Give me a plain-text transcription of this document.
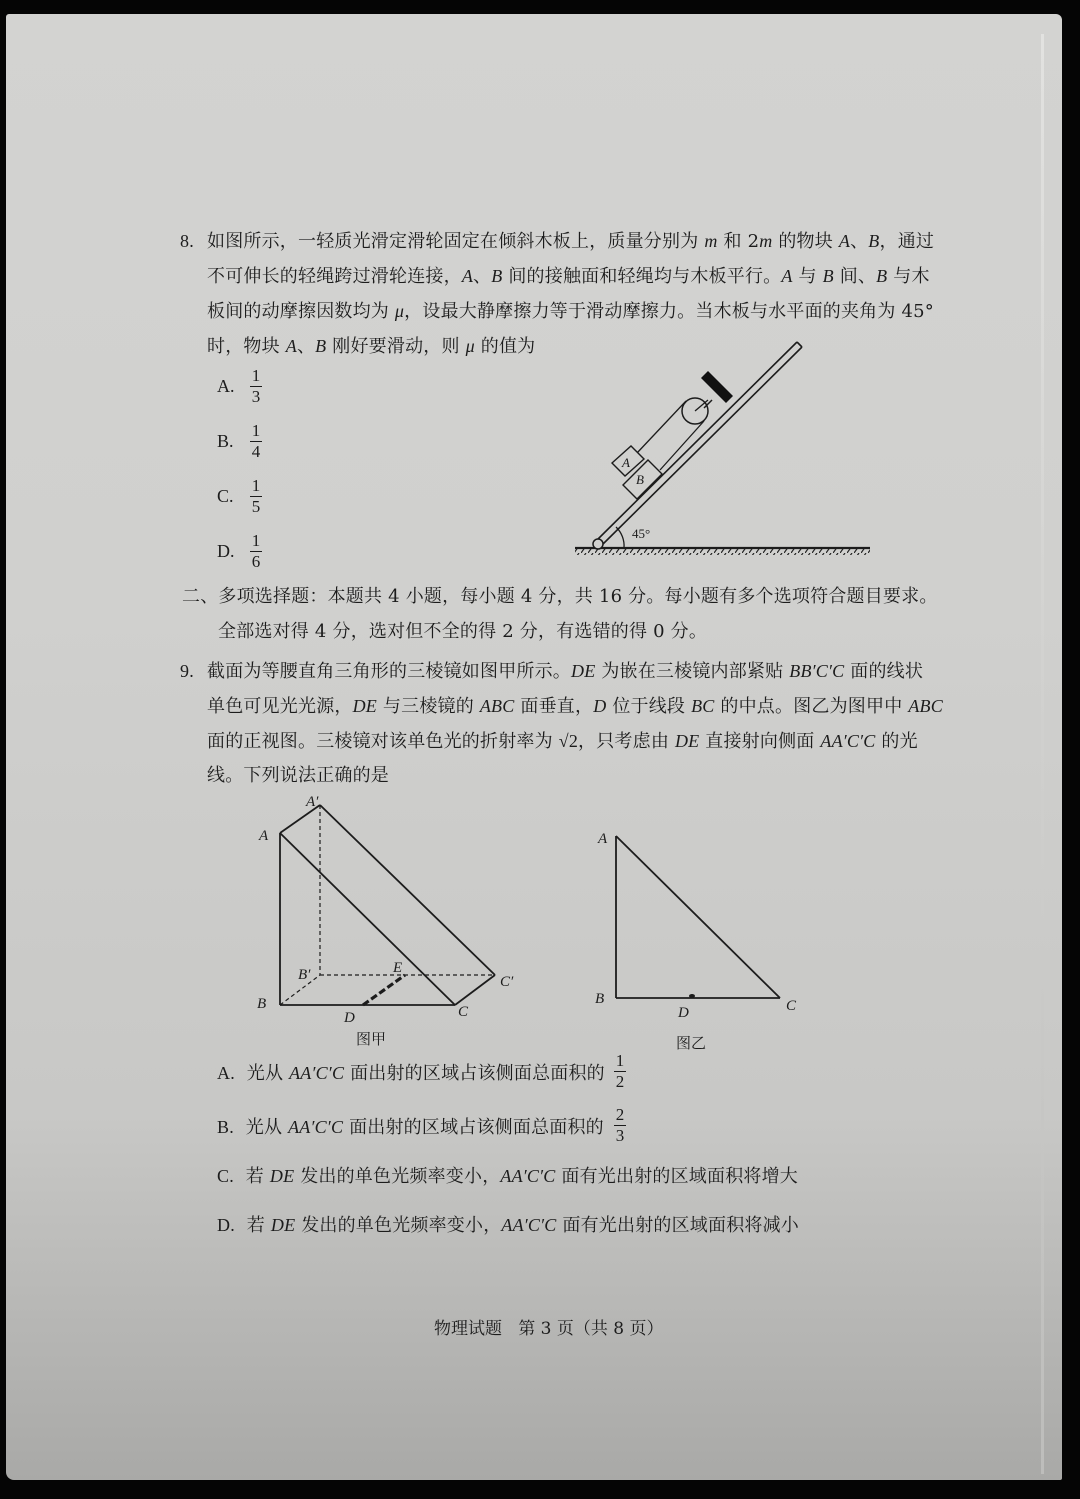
8. 如图所示，一轻质光滑定滑轮固定在倾斜木板上，质量分别为 m 和 2m 的物块 A、B，通过
不可伸长的轻绳跨过滑轮连接，A、B 间的接触面和轻绳均与木板平行。A 与 B 间、B 与木
板间的动摩擦因数均为 μ，设最大静摩擦力等于滑动摩擦力。当木板与水平面的夹角为 45°
时，物块 A、B 刚好要滑动，则 μ 的值为
A.
1
3
B.
1
4
C.
1
5
D.
1
6
A
B
45°
二、多项选择题：本题共 4 小题，每小题 4 分，共 16 分。每小题有多个选项符合题目要求。
全部选对得 4 分，选对但不全的得 2 分，有选错的得 0 分。
9. 截面为等腰直角三角形的三棱镜如图甲所示。DE 为嵌在三棱镜内部紧贴 BB′C′C 面的线状
单色可见光光源，DE 与三棱镜的 ABC 面垂直，D 位于线段 BC 的中点。图乙为图甲中 ABC
面的正视图。三棱镜对该单色光的折射率为 √2，只考虑由 DE 直接射向侧面 AA′C′C 的光
线。下列说法正确的是
A
A′
B
B′
C
C′
D
E
图甲
A
B	C
D
图乙
A. 光从 AA′C′C 面出射的区域占该侧面总面积的
1
2
B. 光从 AA′C′C 面出射的区域占该侧面总面积的
2
3
C. 若 DE 发出的单色光频率变小，AA′C′C 面有光出射的区域面积将增大
D. 若 DE 发出的单色光频率变小，AA′C′C 面有光出射的区域面积将减小
物理试题 第 3 页（共 8 页）
